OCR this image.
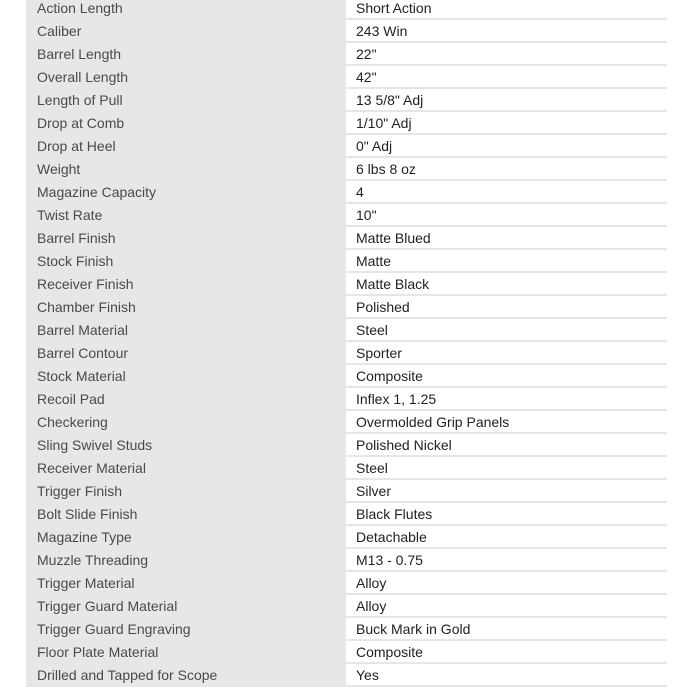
Action Length	Short Action
Caliber	243 Win
Barrel Length	22"
Overall Length	42"
Length of Pull	13 5/8" Adj
Drop at Comb	1/10" Adj
Drop at Heel	0" Adj
Weight	6 lbs 8 oz
Magazine Capacity	4
Twist Rate	10"
Barrel Finish	Matte Blued
Stock Finish	Matte
Receiver Finish	Matte Black
Chamber Finish	Polished
Barrel Material	Steel
Barrel Contour	Sporter
Stock Material	Composite
Recoil Pad	Inflex 1, 1.25
Checkering	Overmolded Grip Panels
Sling Swivel Studs	Polished Nickel
Receiver Material	Steel
Trigger Finish	Silver
Bolt Slide Finish	Black Flutes
Magazine Type	Detachable
Muzzle Threading	M13 - 0.75
Trigger Material	Alloy
Trigger Guard Material	Alloy
Trigger Guard Engraving	Buck Mark in Gold
Floor Plate Material	Composite
Drilled and Tapped for Scope	Yes
